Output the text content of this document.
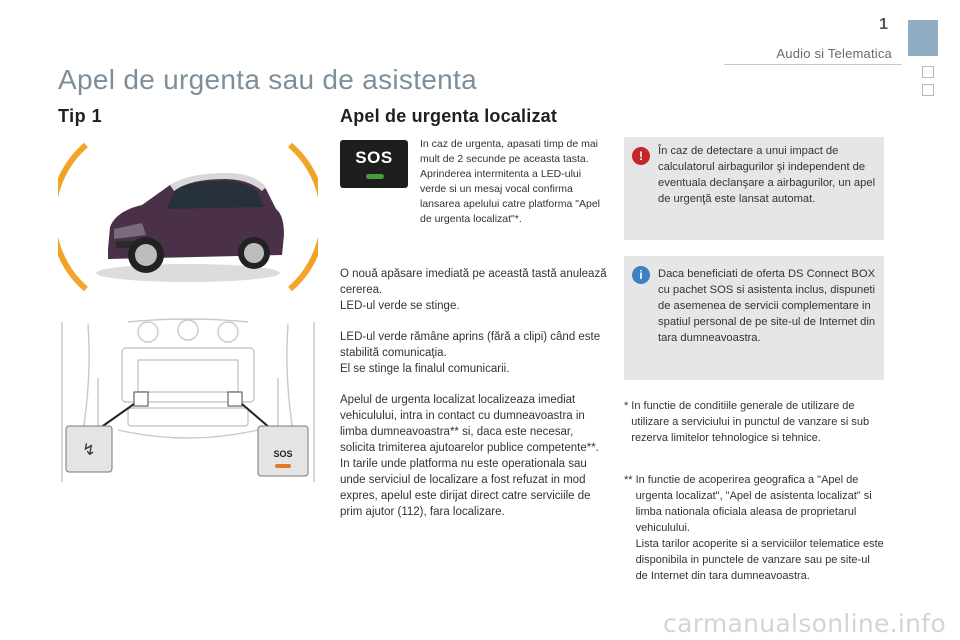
1
Audio si Telematica
Apel de urgenta sau de asistenta
Tip 1	Apel de urgenta localizat
↯	SOS
SOS

In caz de urgenta, apasati timp de mai mult de 2 secunde pe aceasta tasta.
Aprinderea intermitenta a LED-ului verde si un mesaj vocal confirma lansarea apelului catre platforma "Apel de urgenta localizat"*.

O nouă apăsare imediată pe această tastă anulează cererea.
LED-ul verde se stinge.

LED-ul verde rămâne aprins (fără a clipi) când este stabilită comunicaţia.
El se stinge la finalul comunicarii.

Apelul de urgenta localizat localizeaza imediat vehiculului, intra in contact cu dumneavoastra in limba dumneavoastra** si, daca este necesar, solicita trimiterea ajutoarelor publice competente**. In tarile unde platforma nu este operationala sau unde serviciul de localizare a fost refuzat in mod expres, apelul este dirijat direct catre serviciile de prim ajutor (112), fara localizare.

!	În caz de detectare a unui impact de calculatorul airbagurilor şi independent de eventuala declanşare a airbagurilor, un apel de urgenţă este lansat automat.

i	Daca beneficiati de oferta DS Connect BOX cu pachet SOS si asistenta inclus, dispuneti de asemenea de servicii complementare in spatiul personal de pe site-ul de Internet din tara dumneavoastra.

* In functie de conditiile generale de utilizare de utilizare a serviciului in punctul de vanzare si sub rezerva limitelor tehnologice si tehnice.
** In functie de acoperirea geografica a "Apel de urgenta localizat", "Apel de asistenta localizat" si limba nationala oficiala aleasa de proprietarul vehiculului.
Lista tarilor acoperite si a serviciilor telematice este disponibila in punctele de vanzare sau pe site-ul de Internet din tara dumneavoastra.
carmanualsonline.info
